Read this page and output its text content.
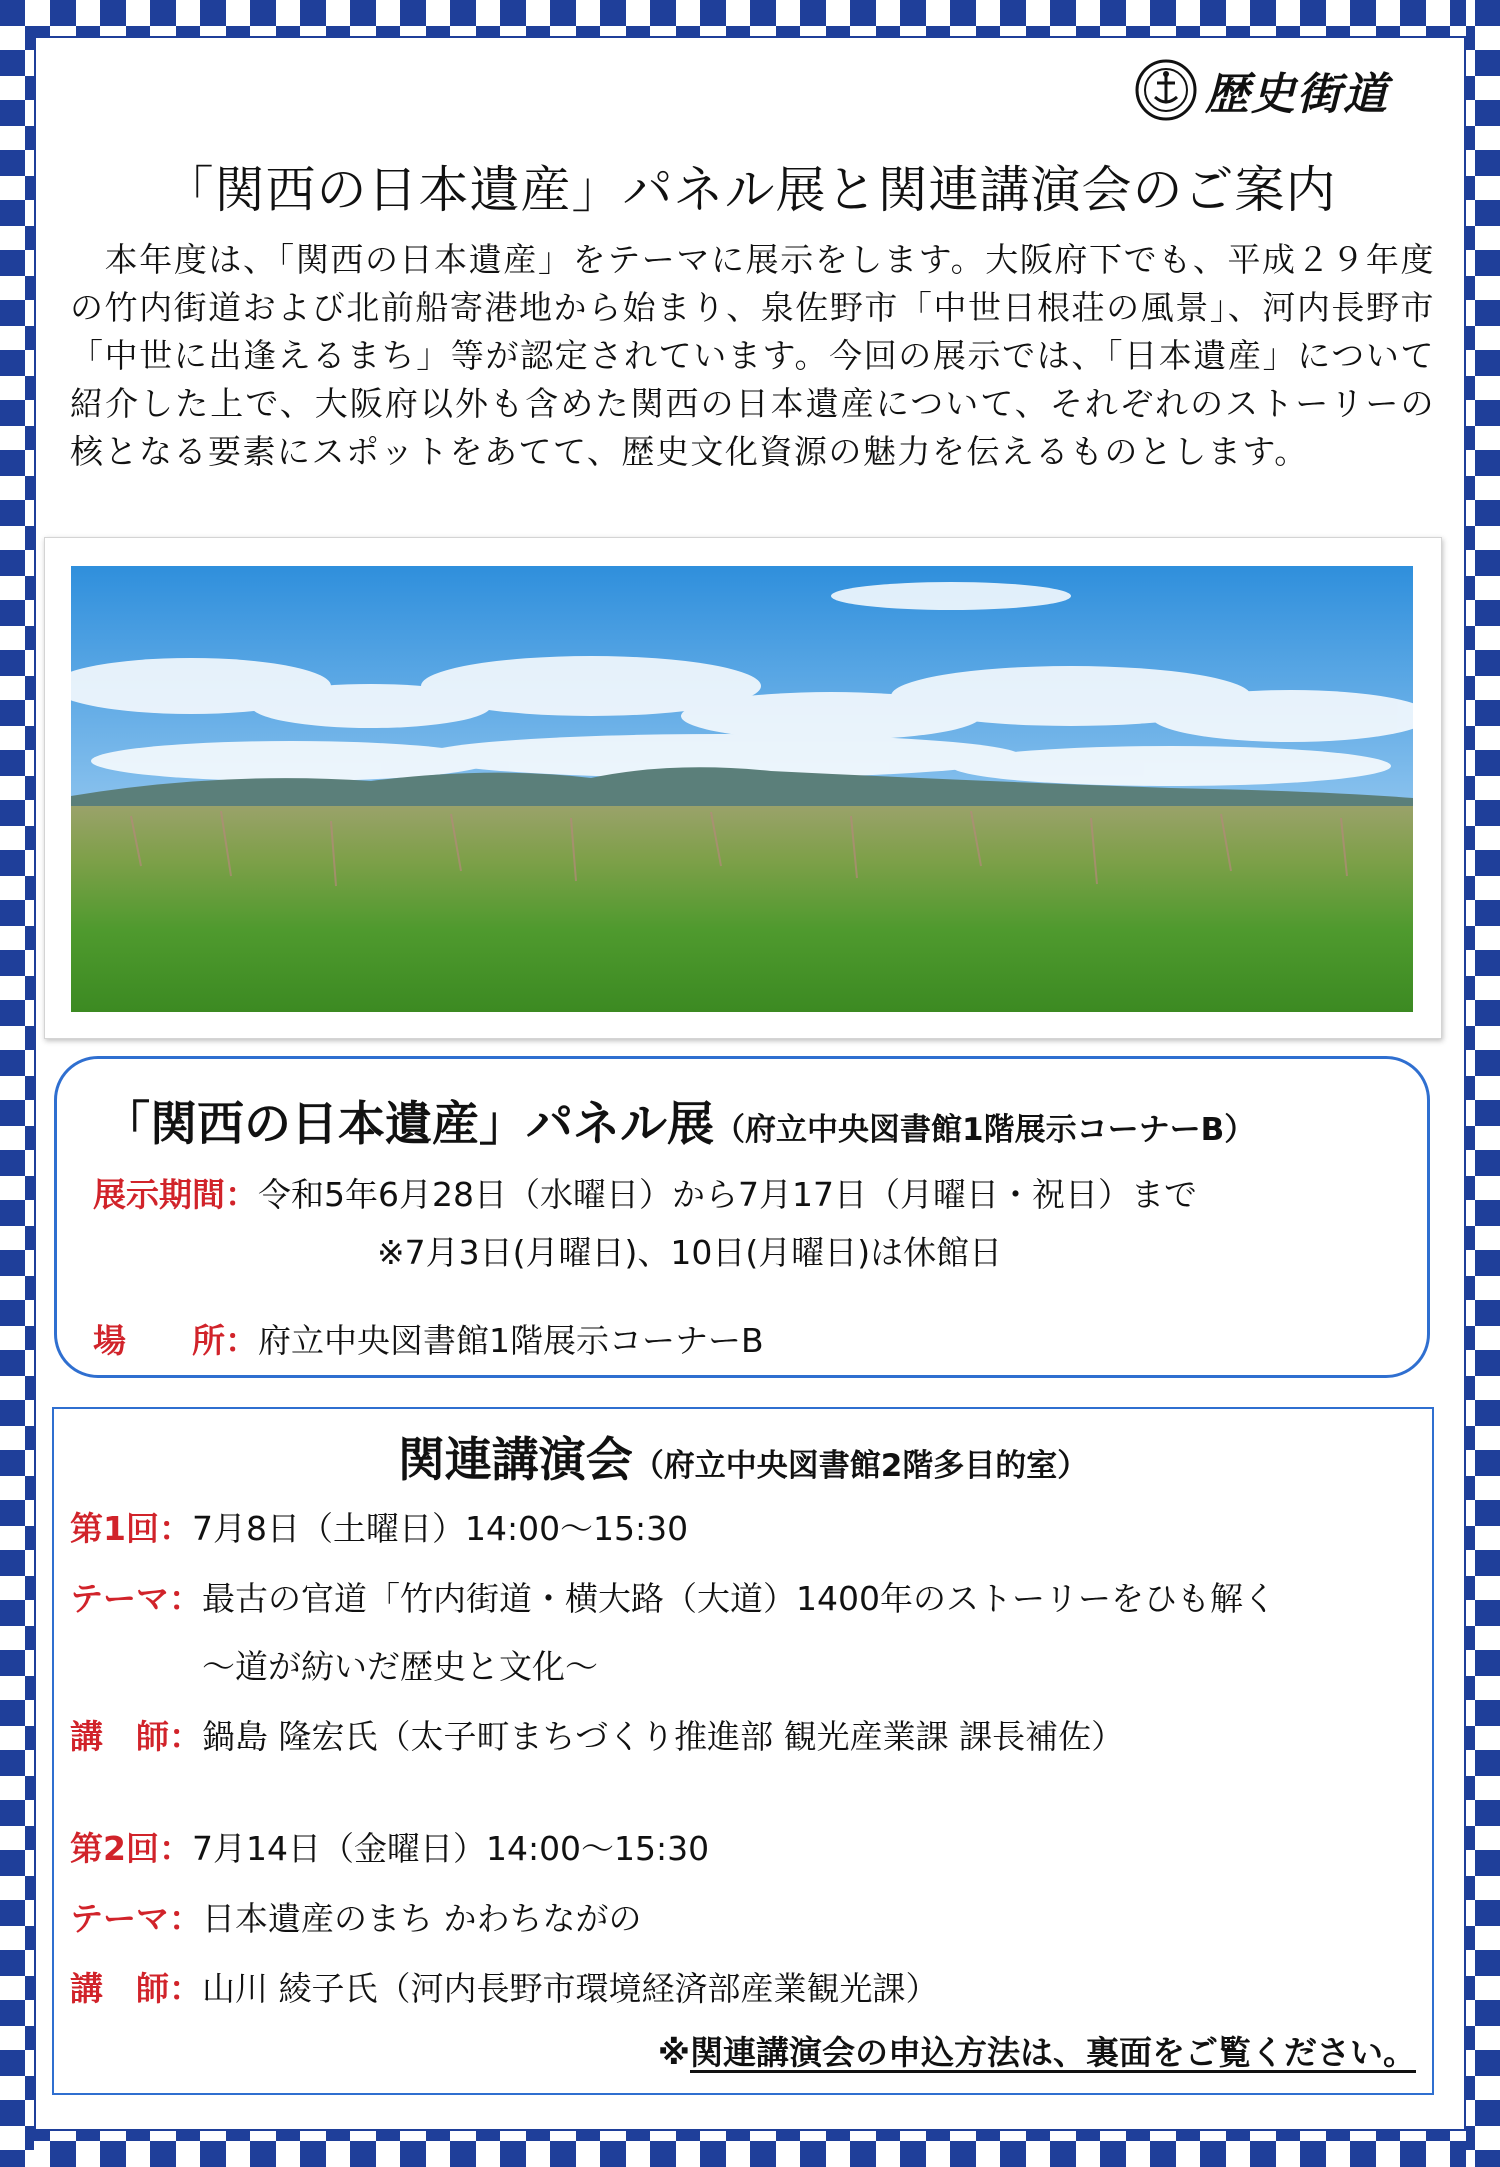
歴史街道
「関西の日本遺産」パネル展と関連講演会のご案内

　本年度は、「関西の日本遺産」をテーマに展示をします。大阪府下でも、平成２９年度の竹内街道および北前船寄港地から始まり、泉佐野市「中世日根荘の風景」、河内長野市「中世に出逢えるまち」等が認定されています。今回の展示では、「日本遺産」について紹介した上で、大阪府以外も含めた関西の日本遺産について、それぞれのストーリーの核となる要素にスポットをあてて、歴史文化資源の魅力を伝えるものとします。

「関西の日本遺産」パネル展（府立中央図書館1階展示コーナーB）
展示期間：令和5年6月28日（水曜日）から7月17日（月曜日・祝日）まで
※7月3日(月曜日)、10日(月曜日)は休館日
場　　所：府立中央図書館1階展示コーナーB
関連講演会（府立中央図書館2階多目的室）
第1回：7月8日（土曜日）14:00～15:30
テーマ：最古の官道「竹内街道・横大路（大道）1400年のストーリーをひも解く
～道が紡いだ歴史と文化～
講　師：鍋島 隆宏氏（太子町まちづくり推進部 観光産業課 課長補佐）
第2回：7月14日（金曜日）14:00～15:30
テーマ：日本遺産のまち かわちながの
講　師：山川 綾子氏（河内長野市環境経済部産業観光課）
※関連講演会の申込方法は、裏面をご覧ください。
